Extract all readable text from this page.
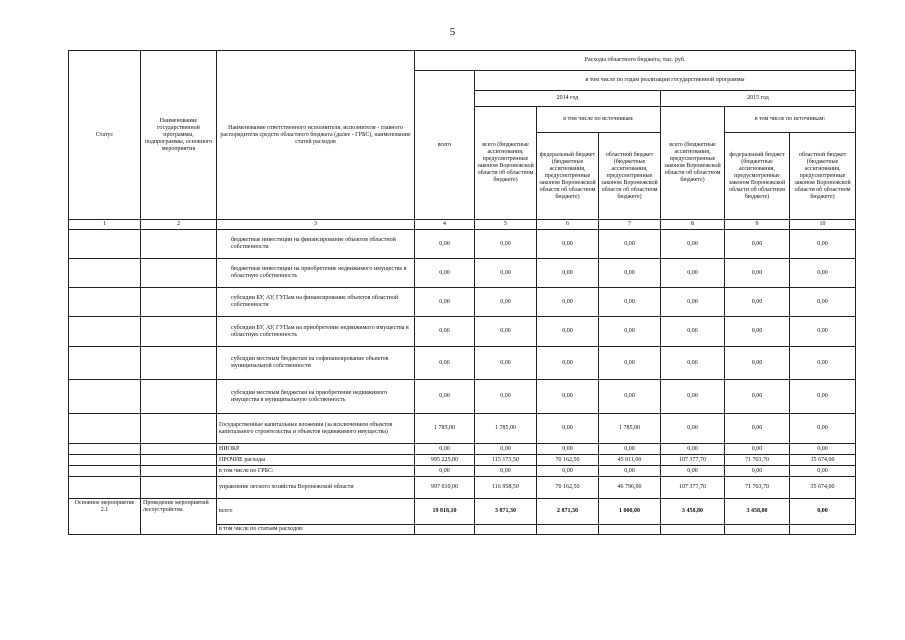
5
Статус	Наименование государственной программы, подпрограммы, основного мероприятия	Наименование ответственного исполнителя, исполнителя - главного распорядителя средств областного бюджета (далее - ГРБС), наименование статей расходов	Расходы областного бюджета, тыс. руб.						
			всего	в том числе по годам реализации государственной программы					
				2014 год			2015 год		
				всего (бюджетные ассигнования, предусмотренные законом Воронежской области об областном бюджете)	в том числе по источникам:		всего (бюджетные ассигнования, предусмотренные законом Воронежской области об областном бюджете)	в том числе по источникам:	
					федеральный бюджет (бюджетные ассигнования, предусмотренные законом Воронежской области об областном бюджете)	областной бюджет (бюджетные ассигнования, предусмотренные законом Воронежской области об областном бюджете)		федеральный бюджет (бюджетные ассигнования, предусмотренные законом Воронежской области об областном бюджете)	областной бюджет (бюджетные ассигнования, предусмотренные законом Воронежской области об областном бюджете)
1	2	3	4	5	6	7	8	9	10
		бюджетные инвестиции на финансирование объектов областной собственности	0,00	0,00	0,00	0,00	0,00	0,00	0,00
		бюджетные инвестиции на приобретение недвижимого имущества в областную собственность	0,00	0,00	0,00	0,00	0,00	0,00	0,00
		субсидии БУ, АУ, ГУПам на финансирование объектов областной собственности	0,00	0,00	0,00	0,00	0,00	0,00	0,00
		субсидии БУ, АУ, ГУПам на приобретение недвижимого имущества в областную собственность	0,00	0,00	0,00	0,00	0,00	0,00	0,00
		субсидии местным бюджетам на софинансирование объектов муниципальной собственности	0,00	0,00	0,00	0,00	0,00	0,00	0,00
		субсидии местным бюджетам на приобретение недвижимого имущества в муниципальную собственность	0,00	0,00	0,00	0,00	0,00	0,00	0,00
		Государственные капитальные вложения (за исключением объектов капитального строительства и объектов недвижимого имущества)	1 785,00	1 785,00	0,00	1 785,00	0,00	0,00	0,00
		НИОКР	0,00	0,00	0,00	0,00	0,00	0,00	0,00
		ПРОЧИЕ расходы	995 225,00	115 173,50	70 162,50	45 011,00	107 377,70	71 703,70	35 674,00
		в том числе по ГРБС:	0,00	0,00	0,00	0,00	0,00	0,00	0,00
		управление лесного хозяйства Воронежской области	997 010,00	116 958,50	70 162,50	46 796,00	107 377,70	71 703,70	35 674,00
Основное мероприятие 2.1	Проведение мероприятий лесоустройства	всего	19 818,10	3 871,30	2 871,30	1 000,00	3 458,80	3 458,80	0,00
		в том числе по статьям расходов:							
